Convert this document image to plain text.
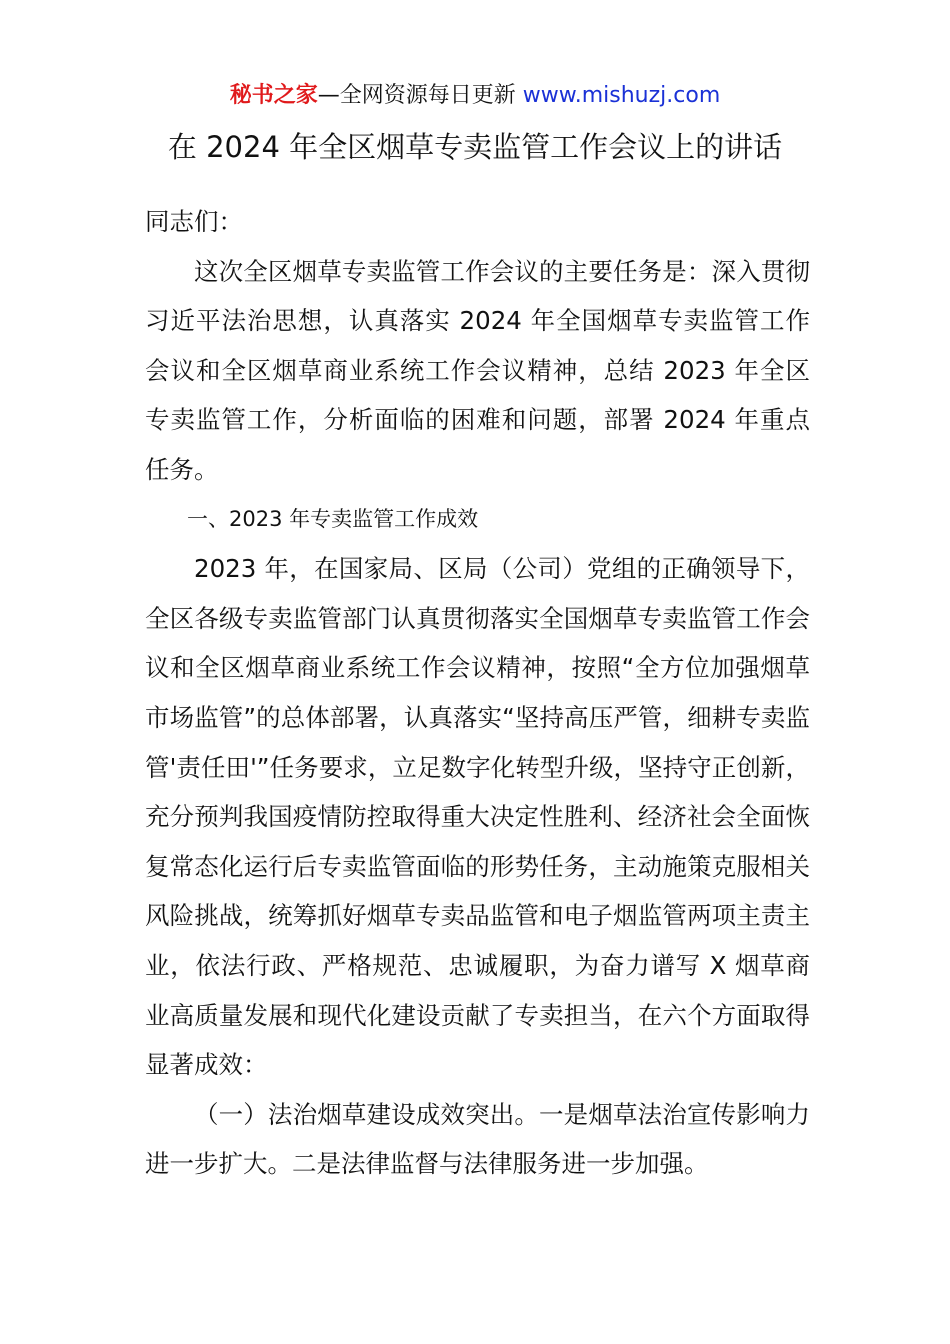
秘书之家—全网资源每日更新 www.mishuzj.com
在 2024 年全区烟草专卖监管工作会议上的讲话

同志们：

这次全区烟草专卖监管工作会议的主要任务是：深入贯彻习近平法治思想，认真落实 2024 年全国烟草专卖监管工作会议和全区烟草商业系统工作会议精神，总结 2023 年全区专卖监管工作，分析面临的困难和问题，部署 2024 年重点任务。

一、2023 年专卖监管工作成效

2023 年，在国家局、区局（公司）党组的正确领导下，全区各级专卖监管部门认真贯彻落实全国烟草专卖监管工作会议和全区烟草商业系统工作会议精神，按照“全方位加强烟草市场监管”的总体部署，认真落实“坚持高压严管，细耕专卖监管'责任田'”任务要求，立足数字化转型升级，坚持守正创新，充分预判我国疫情防控取得重大决定性胜利、经济社会全面恢复常态化运行后专卖监管面临的形势任务，主动施策克服相关风险挑战，统筹抓好烟草专卖品监管和电子烟监管两项主责主业，依法行政、严格规范、忠诚履职，为奋力谱写 X 烟草商业高质量发展和现代化建设贡献了专卖担当，在六个方面取得显著成效：

（一）法治烟草建设成效突出。一是烟草法治宣传影响力进一步扩大。二是法律监督与法律服务进一步加强。
